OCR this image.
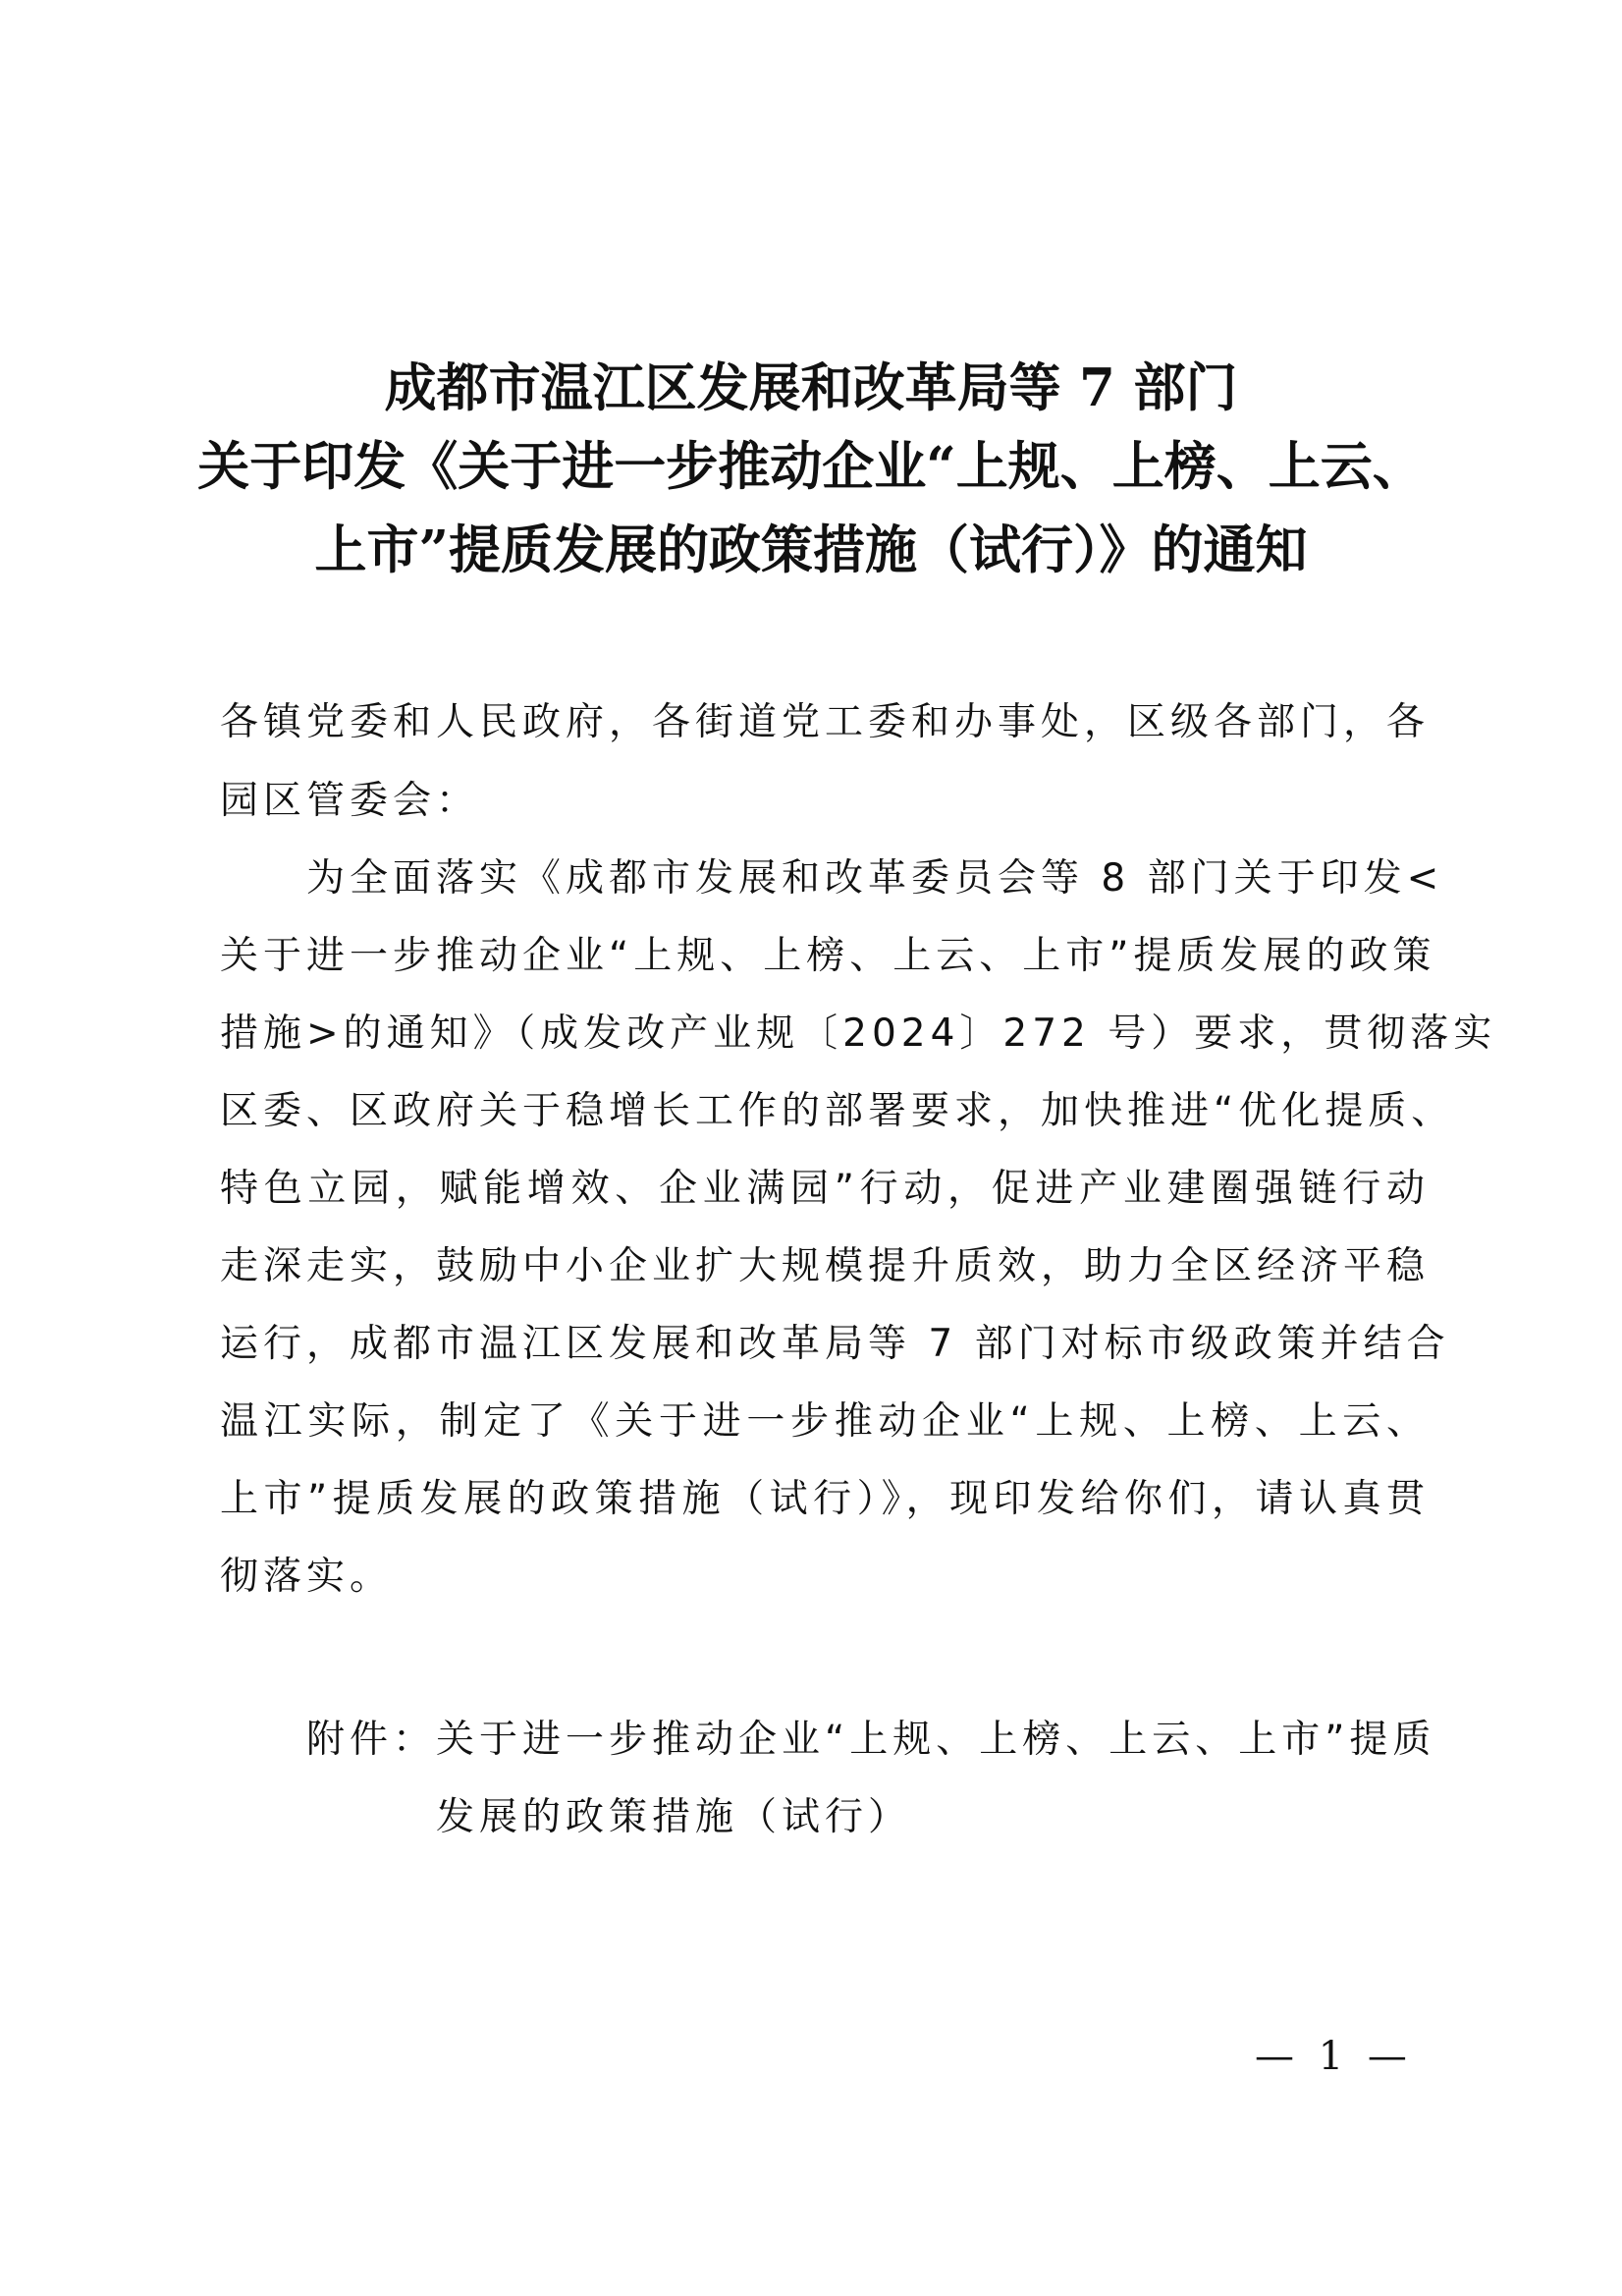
成都市温江区发展和改革局等 7 部门
关于印发《关于进一步推动企业“上规、上榜、上云、
上市”提质发展的政策措施（试行）》的通知
各镇党委和人民政府，各街道党工委和办事处，区级各部门，各
园区管委会：
为全面落实《成都市发展和改革委员会等 8 部门关于印发<
关于进一步推动企业“上规、上榜、上云、上市”提质发展的政策
措施>的通知》（成发改产业规〔2024〕272 号）要求，贯彻落实
区委、区政府关于稳增长工作的部署要求，加快推进“优化提质、
特色立园，赋能增效、企业满园”行动，促进产业建圈强链行动
走深走实，鼓励中小企业扩大规模提升质效，助力全区经济平稳
运行，成都市温江区发展和改革局等 7 部门对标市级政策并结合
温江实际，制定了《关于进一步推动企业“上规、上榜、上云、
上市”提质发展的政策措施（试行）》，现印发给你们，请认真贯
彻落实。
附件： 关于进一步推动企业“上规、上榜、上云、上市”提质
发展的政策措施（试行）
— 1 —
